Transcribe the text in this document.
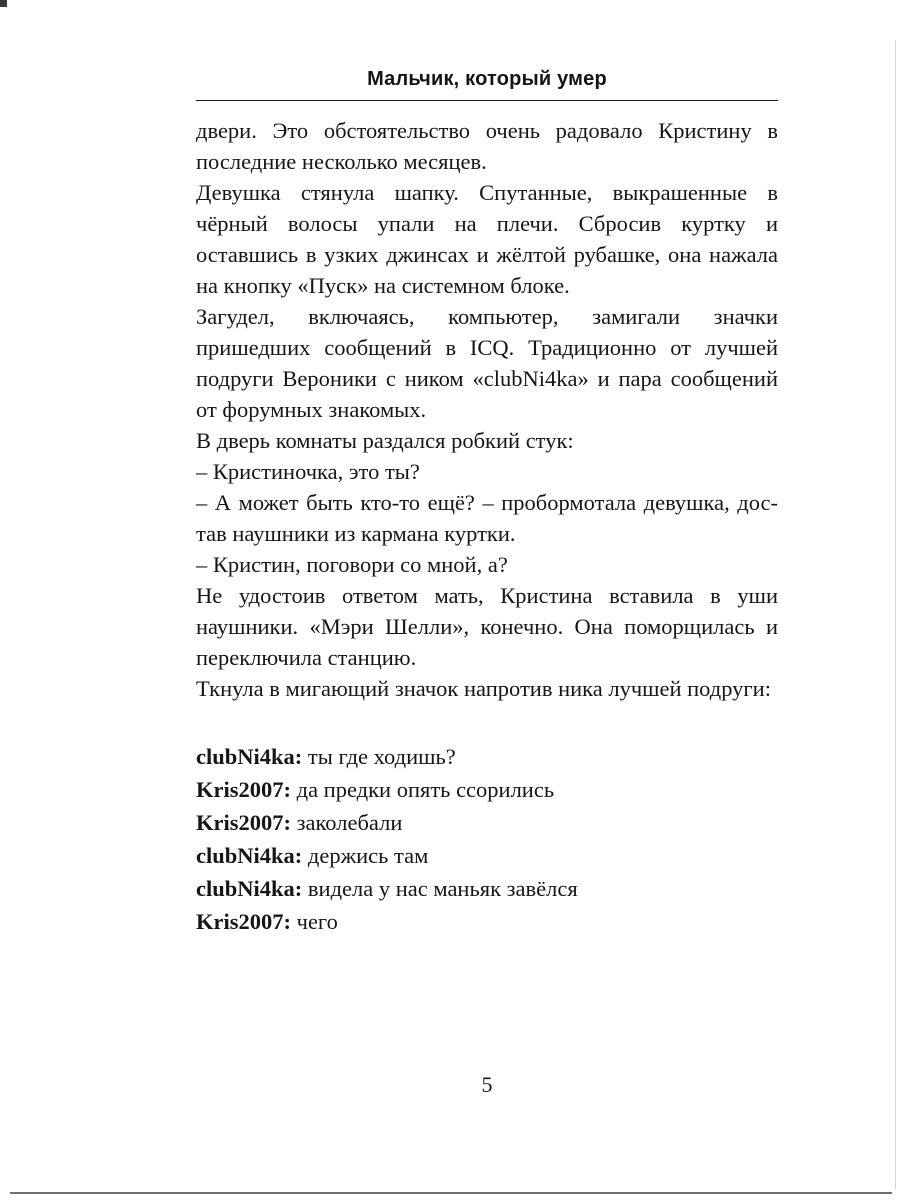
Мальчик, который умер

двери. Это обстоятельство очень радовало Кристину в последние несколько месяцев.

Девушка стянула шапку. Спутанные, выкрашенные в чёрный волосы упали на плечи. Сбросив куртку и оставшись в узких джинсах и жёлтой рубашке, она нажала на кнопку «Пуск» на системном блоке.

Загудел, включаясь, компьютер, замигали значки пришедших сообщений в ICQ. Традиционно от лучшей подруги Вероники с ником «clubNi4ka» и пара сообщений от форумных знакомых.

В дверь комнаты раздался робкий стук:

– Кристиночка, это ты?

– А может быть кто-то ещё? – пробормотала девушка, дос-тав наушники из кармана куртки.

– Кристин, поговори со мной, а?

Не удостоив ответом мать, Кристина вставила в уши наушники. «Мэри Шелли», конечно. Она поморщилась и переключила станцию.

Ткнула в мигающий значок напротив ника лучшей подруги:

clubNi4ka: ты где ходишь?
Kris2007: да предки опять ссорились
Kris2007: заколебали
clubNi4ka: держись там
clubNi4ka: видела у нас маньяк завёлся
Kris2007: чего
5
